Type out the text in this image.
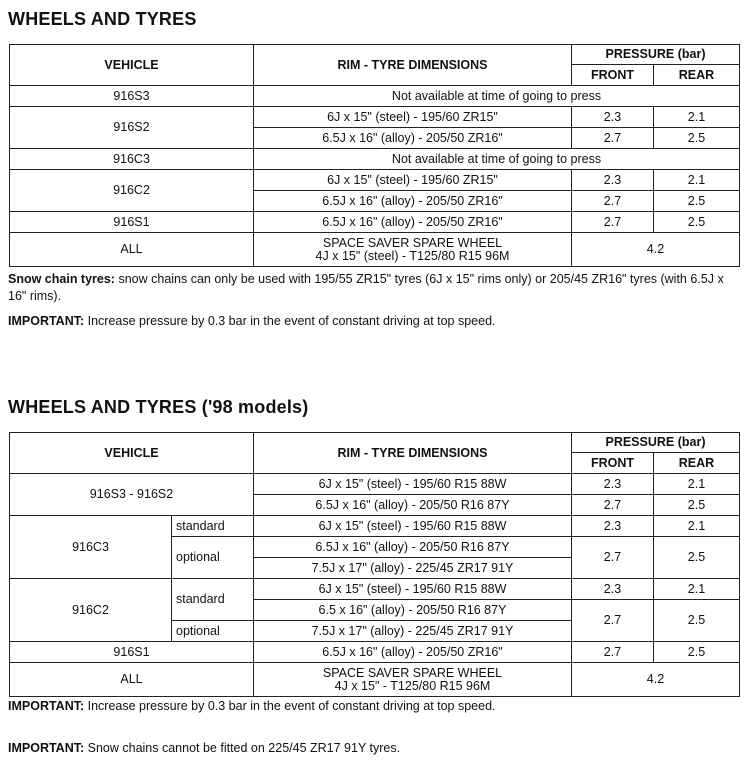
WHEELS AND TYRES
VEHICLE	RIM - TYRE DIMENSIONS	PRESSURE (bar)	
		FRONT	REAR
916S3	Not available at time of going to press		
916S2	6J x 15" (steel) - 195/60 ZR15"	2.3	2.1
	6.5J x 16" (alloy) - 205/50 ZR16"	2.7	2.5
916C3	Not available at time of going to press		
916C2	6J x 15" (steel) - 195/60 ZR15"	2.3	2.1
	6.5J x 16" (alloy) - 205/50 ZR16"	2.7	2.5
916S1	6.5J x 16" (alloy) - 205/50 ZR16"	2.7	2.5
ALL	SPACE SAVER SPARE WHEEL
4J x 15" (steel) - T125/80 R15 96M	4.2	
Snow chain tyres: snow chains can only be used with 195/55 ZR15" tyres (6J x 15" rims only) or 205/45 ZR16" tyres (with 6.5J x 16" rims).
IMPORTANT: Increase pressure by 0.3 bar in the event of constant driving at top speed.
WHEELS AND TYRES ('98 models)
VEHICLE		RIM - TYRE DIMENSIONS	PRESSURE (bar)	
			FRONT	REAR
916S3 - 916S2		6J x 15" (steel) - 195/60 R15 88W	2.3	2.1
		6.5J x 16" (alloy) - 205/50 R16 87Y	2.7	2.5
916C3	standard	6J x 15" (steel) - 195/60 R15 88W	2.3	2.1
	optional	6.5J x 16" (alloy) - 205/50 R16 87Y	2.7	2.5
		7.5J x 17" (alloy) - 225/45 ZR17 91Y		
916C2	standard	6J x 15" (steel) - 195/60 R15 88W	2.3	2.1
		6.5 x 16" (alloy) - 205/50 R16 87Y	2.7	2.5
	optional	7.5J x 17" (alloy) - 225/45 ZR17 91Y		
916S1		6.5J x 16" (alloy) - 205/50 ZR16"	2.7	2.5
ALL		SPACE SAVER SPARE WHEEL
4J x 15" - T125/80 R15 96M	4.2	
IMPORTANT: Increase pressure by 0.3 bar in the event of constant driving at top speed.
IMPORTANT: Snow chains cannot be fitted on 225/45 ZR17 91Y tyres.
